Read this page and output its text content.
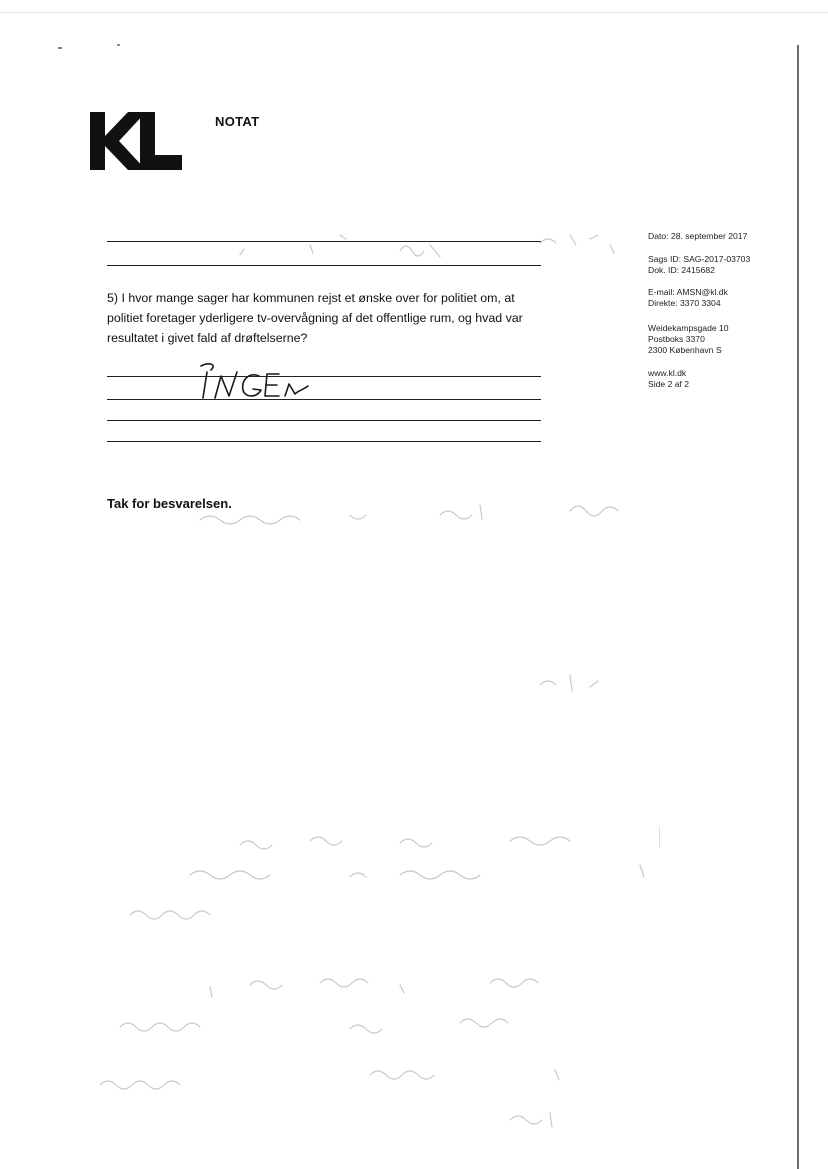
NOTAT
5) I hvor mange sager har kommunen rejst et ønske over for politiet om, at politiet foretager yderligere tv-overvågning af det offentlige rum, og hvad var resultatet i givet fald af drøftelserne?
Tak for besvarelsen.
Dato: 28. september 2017
Sags ID: SAG-2017-03703
Dok. ID: 2415682
E-mail: AMSN@kl.dk
Direkte: 3370 3304
Weidekampsgade 10
Postboks 3370
2300 København S
www.kl.dk
Side 2 af 2
